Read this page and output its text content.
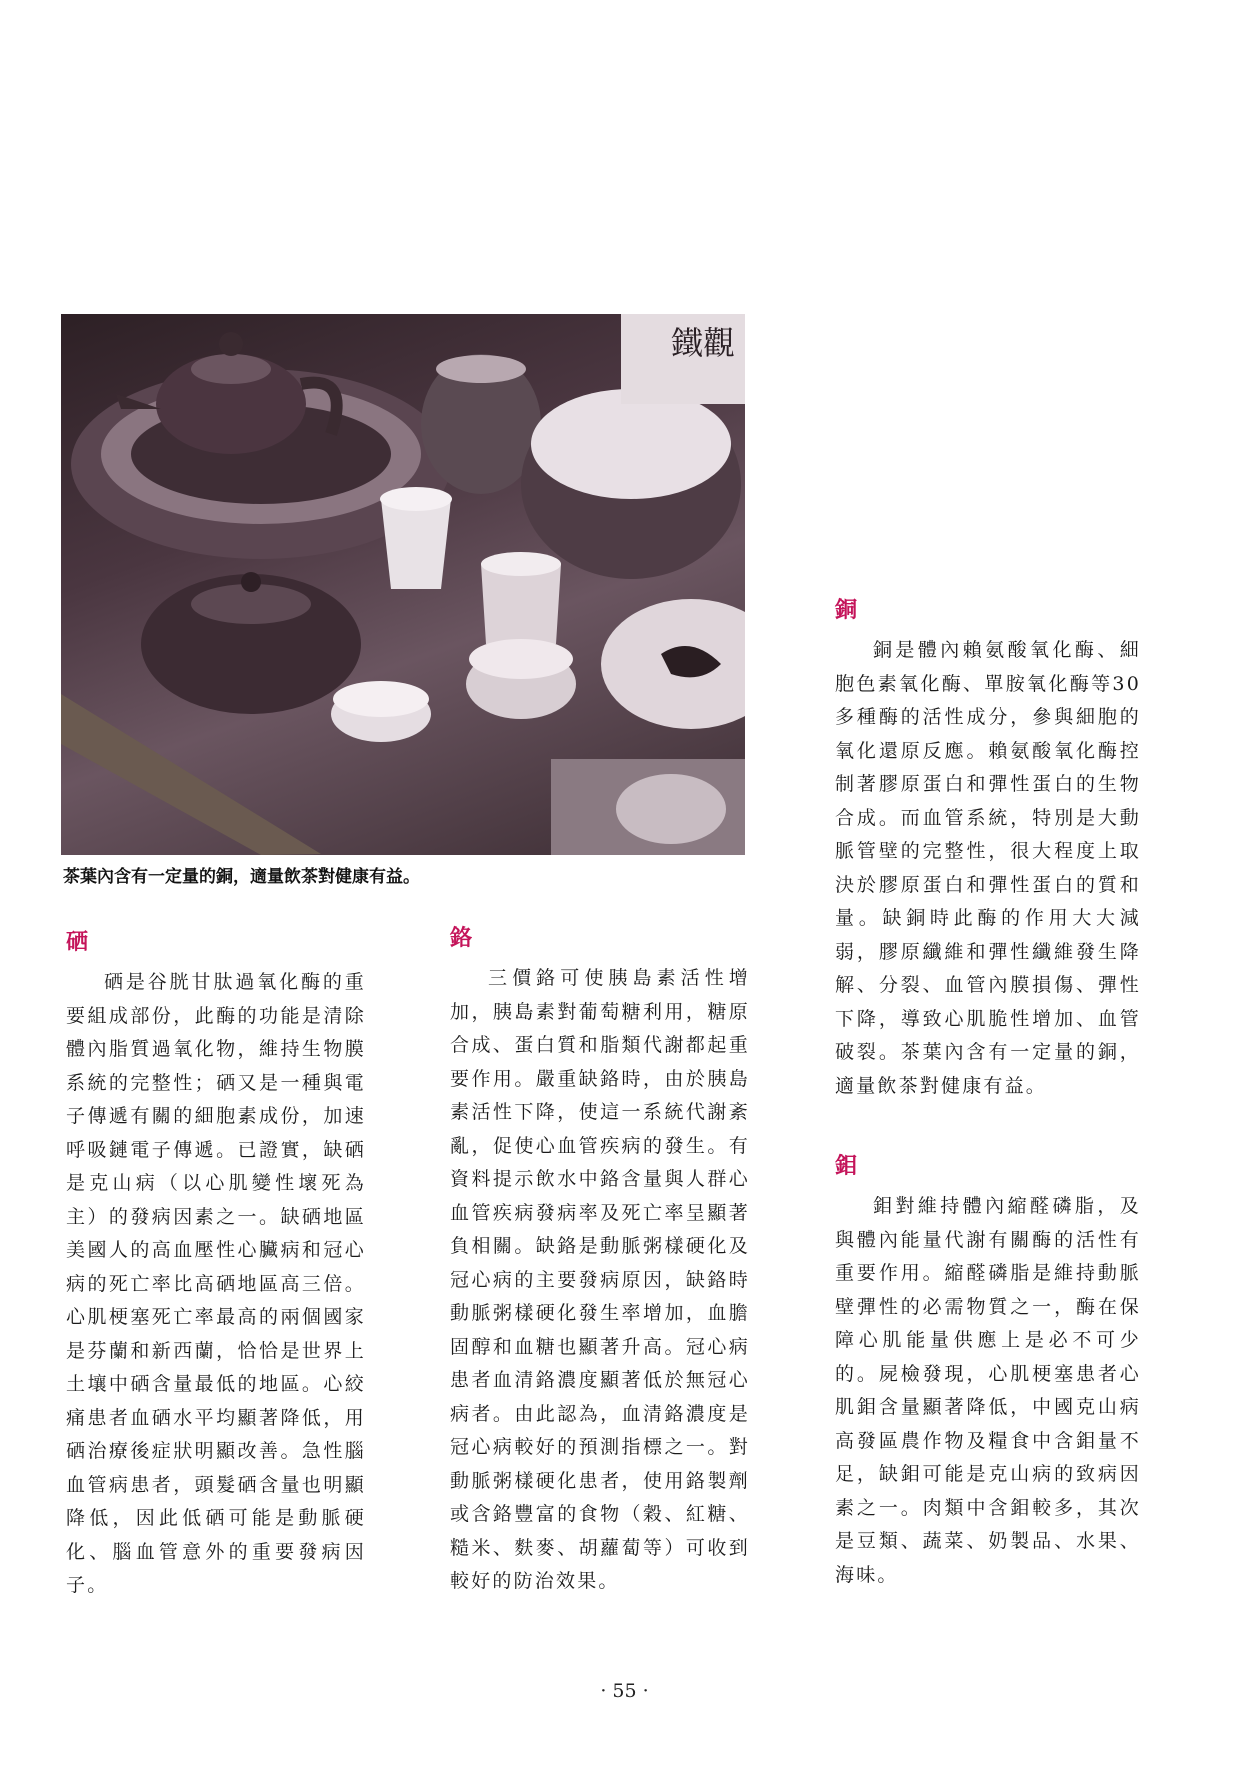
鐵觀
茶葉內含有一定量的銅，適量飲茶對健康有益。
硒
硒是谷胱甘肽過氧化酶的重要組成部份，此酶的功能是清除體內脂質過氧化物，維持生物膜系統的完整性；硒又是一種與電子傳遞有關的細胞素成份，加速呼吸鏈電子傳遞。已證實，缺硒是克山病（以心肌變性壞死為主）的發病因素之一。缺硒地區美國人的高血壓性心臟病和冠心病的死亡率比高硒地區高三倍。心肌梗塞死亡率最高的兩個國家是芬蘭和新西蘭，恰恰是世界上土壤中硒含量最低的地區。心絞痛患者血硒水平均顯著降低，用硒治療後症狀明顯改善。急性腦血管病患者，頭髮硒含量也明顯降低，因此低硒可能是動脈硬化、腦血管意外的重要發病因子。
鉻
三價鉻可使胰島素活性增加，胰島素對葡萄糖利用，糖原合成、蛋白質和脂類代謝都起重要作用。嚴重缺鉻時，由於胰島素活性下降，使這一系統代謝紊亂，促使心血管疾病的發生。有資料提示飲水中鉻含量與人群心血管疾病發病率及死亡率呈顯著負相關。缺鉻是動脈粥樣硬化及冠心病的主要發病原因，缺鉻時動脈粥樣硬化發生率增加，血膽固醇和血糖也顯著升高。冠心病患者血清鉻濃度顯著低於無冠心病者。由此認為，血清鉻濃度是冠心病較好的預測指標之一。對動脈粥樣硬化患者，使用鉻製劑或含鉻豐富的食物（穀、紅糖、糙米、麩麥、胡蘿蔔等）可收到較好的防治效果。
銅
銅是體內賴氨酸氧化酶、細胞色素氧化酶、單胺氧化酶等30多種酶的活性成分，參與細胞的氧化還原反應。賴氨酸氧化酶控制著膠原蛋白和彈性蛋白的生物合成。而血管系統，特別是大動脈管壁的完整性，很大程度上取決於膠原蛋白和彈性蛋白的質和量。缺銅時此酶的作用大大減弱，膠原纖維和彈性纖維發生降解、分裂、血管內膜損傷、彈性下降，導致心肌脆性增加、血管破裂。茶葉內含有一定量的銅，適量飲茶對健康有益。
鉬
鉬對維持體內縮醛磷脂，及與體內能量代謝有關酶的活性有重要作用。縮醛磷脂是維持動脈壁彈性的必需物質之一，酶在保障心肌能量供應上是必不可少的。屍檢發現，心肌梗塞患者心肌鉬含量顯著降低，中國克山病高發區農作物及糧食中含鉬量不足，缺鉬可能是克山病的致病因素之一。肉類中含鉬較多，其次是豆類、蔬菜、奶製品、水果、海味。
· 55 ·
